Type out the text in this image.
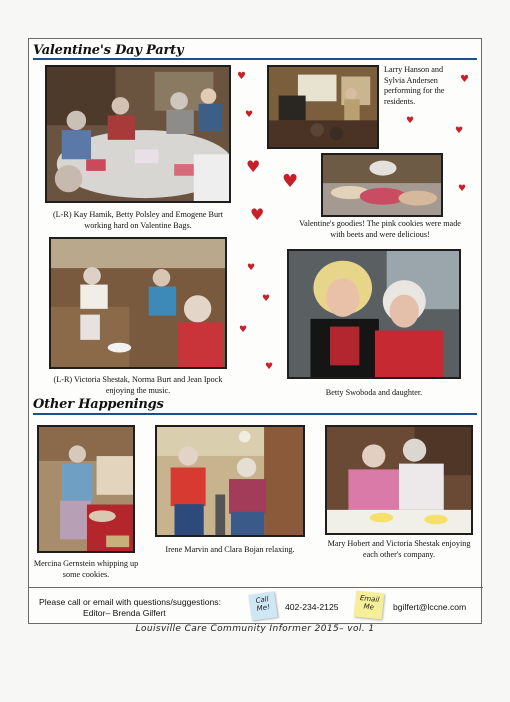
Valentine's Day Party
(L-R) Kay Hamik, Betty Polsley and Emogene Burt working hard on Valentine Bags.
Larry Hanson and Sylvia Andersen performing for the residents.
Valentine's goodies! The pink cookies were made with beets and were delicious!
(L-R) Victoria Shestak, Norma Burt and Jean Ipock enjoying the music.	Betty Swoboda and daughter.
♥
♥
♥
♥
♥
♥
♥	♥
♥
♥
♥
♥
♥
Other Happenings
Mercina Gernstein whipping up some cookies.
Irene Marvin and Clara Bojan relaxing.
Mary Hobert and Victoria Shestak enjoying each other's company.
Please call or email with questions/suggestions:
Editor– Brenda Gilfert
Call Me!	402-234-2125
Email Me	bgilfert@lccne.com
Louisville Care Community Informer 2015– vol. 1
